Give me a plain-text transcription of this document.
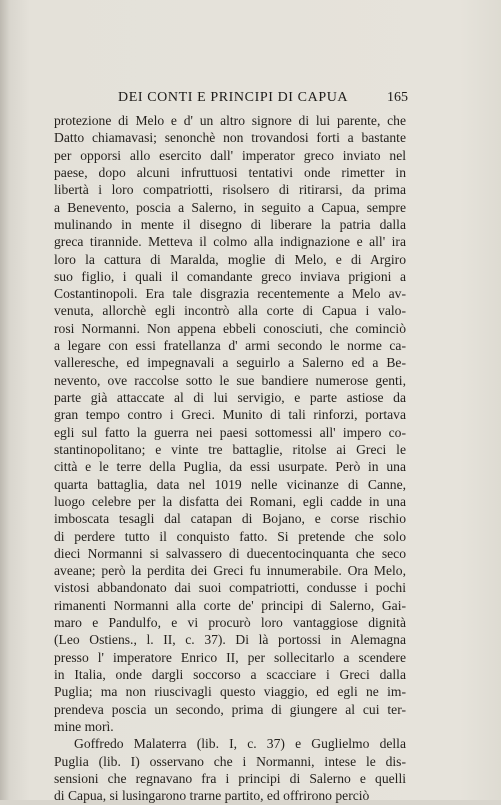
DEI CONTI E PRINCIPI DI CAPUA	165
protezione di Melo e d' un altro signore di lui parente, che
Datto chiamavasi; senonchè non trovandosi forti a bastante
per opporsi allo esercito dall' imperator greco inviato nel
paese, dopo alcuni infruttuosi tentativi onde rimetter in
libertà i loro compatriotti, risolsero di ritirarsi, da prima
a Benevento, poscia a Salerno, in seguito a Capua, sempre
mulinando in mente il disegno di liberare la patria dalla
greca tirannide. Metteva il colmo alla indignazione e all' ira
loro la cattura di Maralda, moglie di Melo, e di Argiro
suo figlio, i quali il comandante greco inviava prigioni a
Costantinopoli. Era tale disgrazia recentemente a Melo av-
venuta, allorchè egli incontrò alla corte di Capua i valo-
rosi Normanni. Non appena ebbeli conosciuti, che cominciò
a legare con essi fratellanza d' armi secondo le norme ca-
valleresche, ed impegnavali a seguirlo a Salerno ed a Be-
nevento, ove raccolse sotto le sue bandiere numerose genti,
parte già attaccate al di lui servigio, e parte astiose da
gran tempo contro i Greci. Munito di tali rinforzi, portava
egli sul fatto la guerra nei paesi sottomessi all' impero co-
stantinopolitano; e vinte tre battaglie, ritolse ai Greci le
città e le terre della Puglia, da essi usurpate. Però in una
quarta battaglia, data nel 1019 nelle vicinanze di Canne,
luogo celebre per la disfatta dei Romani, egli cadde in una
imboscata tesagli dal catapan di Bojano, e corse rischio
di perdere tutto il conquisto fatto. Si pretende che solo
dieci Normanni si salvassero di duecentocinquanta che seco
aveane; però la perdita dei Greci fu innumerabile. Ora Melo,
vistosi abbandonato dai suoi compatriotti, condusse i pochi
rimanenti Normanni alla corte de' principi di Salerno, Gai-
maro e Pandulfo, e vi procurò loro vantaggiose dignità
(Leo Ostiens., l. II, c. 37). Di là portossi in Alemagna
presso l' imperatore Enrico II, per sollecitarlo a scendere
in Italia, onde dargli soccorso a scacciare i Greci dalla
Puglia; ma non riuscivagli questo viaggio, ed egli ne im-
prendeva poscia un secondo, prima di giungere al cui ter-
mine morì.
Goffredo Malaterra (lib. I, c. 37) e Guglielmo della
Puglia (lib. I) osservano che i Normanni, intese le dis-
sensioni che regnavano fra i principi di Salerno e quelli
di Capua, si lusingarono trarne partito, ed offrirono perciò
